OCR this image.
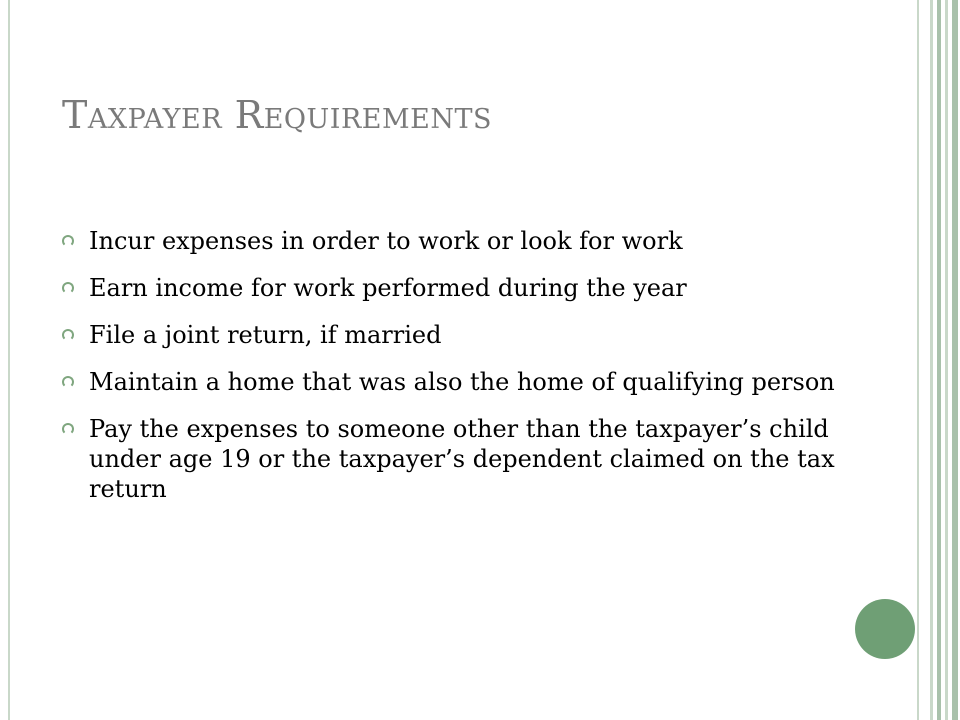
Taxpayer Requirements
Incur expenses in order to work or look for work
Earn income for work performed during the year
File a joint return, if married
Maintain a home that was also the home of qualifying person
Pay the expenses to someone other than the taxpayer’s child under age 19 or the taxpayer’s dependent claimed on the tax return
